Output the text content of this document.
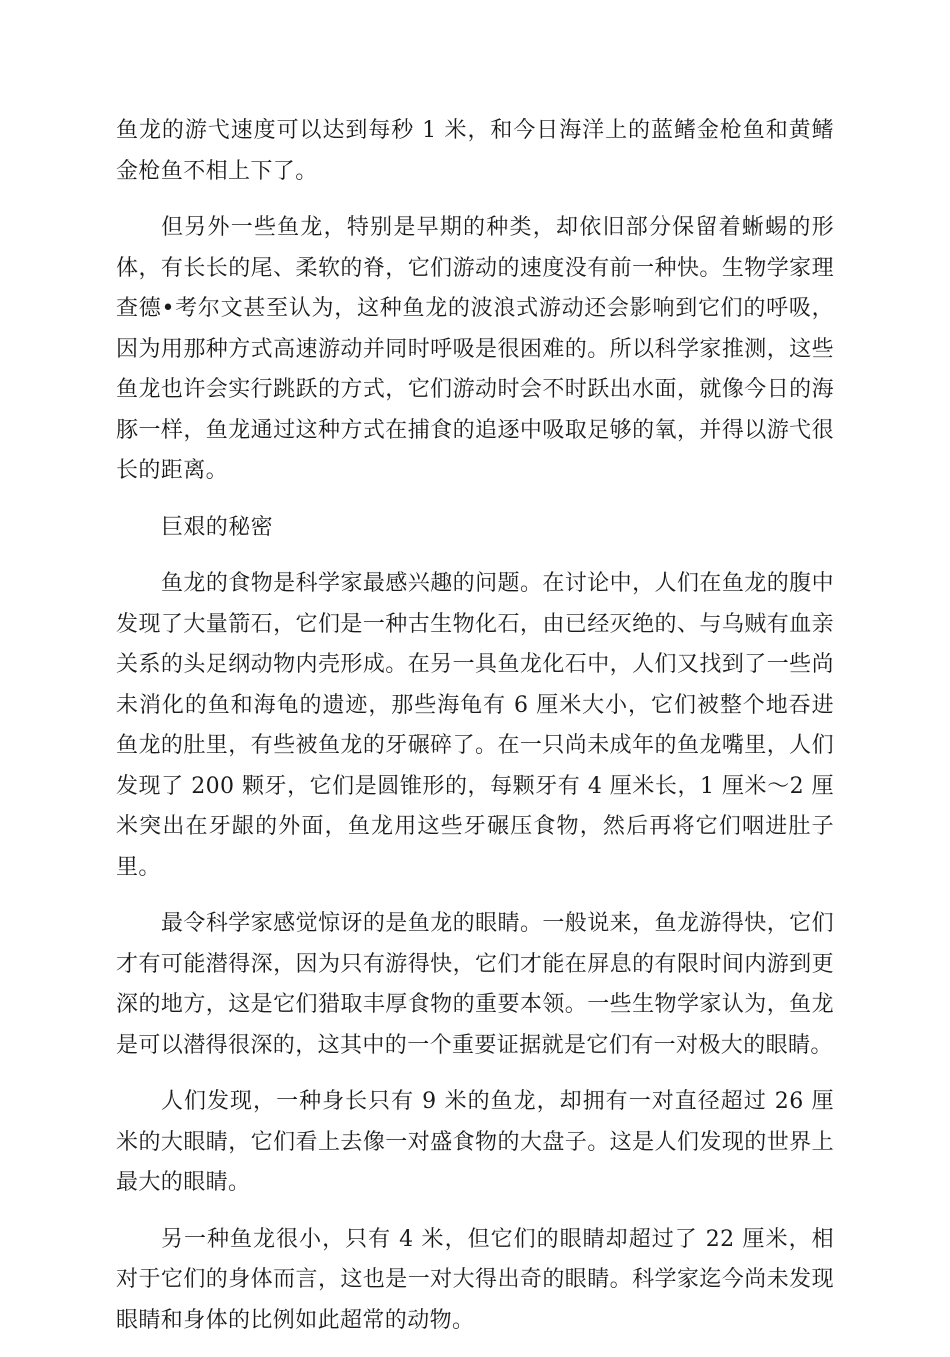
鱼龙的游弋速度可以达到每秒 1 米，和今日海洋上的蓝鳍金枪鱼和黄鳍金枪鱼不相上下了。

但另外一些鱼龙，特别是早期的种类，却依旧部分保留着蜥蜴的形体，有长长的尾、柔软的脊，它们游动的速度没有前一种快。生物学家理查德•考尔文甚至认为，这种鱼龙的波浪式游动还会影响到它们的呼吸，因为用那种方式高速游动并同时呼吸是很困难的。所以科学家推测，这些鱼龙也许会实行跳跃的方式，它们游动时会不时跃出水面，就像今日的海豚一样，鱼龙通过这种方式在捕食的追逐中吸取足够的氧，并得以游弋很长的距离。

巨艰的秘密

鱼龙的食物是科学家最感兴趣的问题。在讨论中，人们在鱼龙的腹中发现了大量箭石，它们是一种古生物化石，由已经灭绝的、与乌贼有血亲关系的头足纲动物内壳形成。在另一具鱼龙化石中，人们又找到了一些尚未消化的鱼和海龟的遗迹，那些海龟有 6 厘米大小，它们被整个地吞进鱼龙的肚里，有些被鱼龙的牙碾碎了。在一只尚未成年的鱼龙嘴里，人们发现了 200 颗牙，它们是圆锥形的，每颗牙有 4 厘米长，1 厘米～2 厘米突出在牙龈的外面，鱼龙用这些牙碾压食物，然后再将它们咽进肚子里。

最令科学家感觉惊讶的是鱼龙的眼睛。一般说来，鱼龙游得快，它们才有可能潜得深，因为只有游得快，它们才能在屏息的有限时间内游到更深的地方，这是它们猎取丰厚食物的重要本领。一些生物学家认为，鱼龙是可以潜得很深的，这其中的一个重要证据就是它们有一对极大的眼睛。

人们发现，一种身长只有 9 米的鱼龙，却拥有一对直径超过 26 厘米的大眼睛，它们看上去像一对盛食物的大盘子。这是人们发现的世界上最大的眼睛。

另一种鱼龙很小，只有 4 米，但它们的眼睛却超过了 22 厘米，相对于它们的身体而言，这也是一对大得出奇的眼睛。科学家迄今尚未发现眼睛和身体的比例如此超常的动物。
